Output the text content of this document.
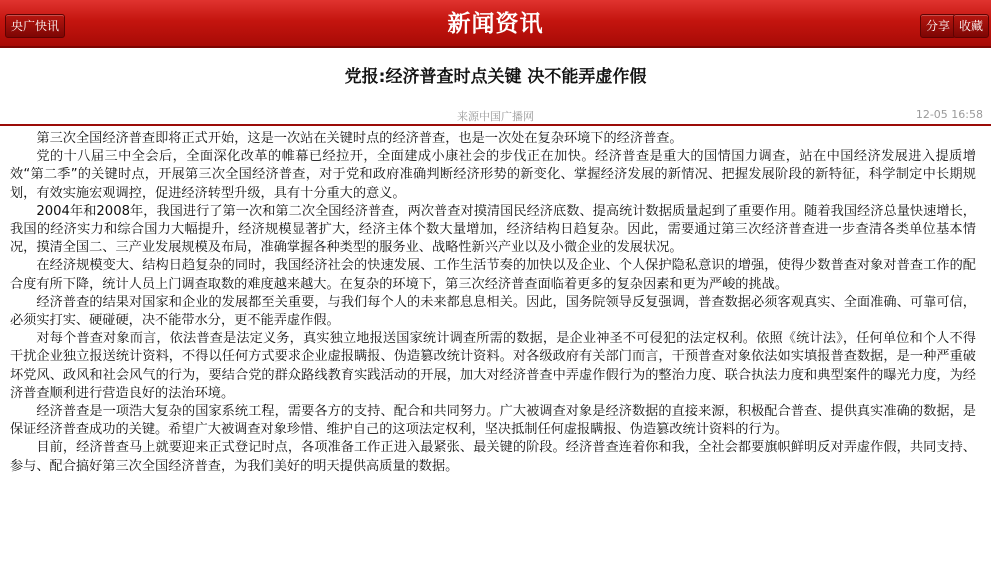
新闻资讯
央广快讯	分享 收藏
党报:经济普查时点关键 决不能弄虚作假
来源中国广播网	12-05 16:58

第三次全国经济普查即将正式开始，这是一次站在关键时点的经济普查，也是一次处在复杂环境下的经济普查。

党的十八届三中全会后，全面深化改革的帷幕已经拉开，全面建成小康社会的步伐正在加快。经济普查是重大的国情国力调查，站在中国经济发展进入提质增效“第二季”的关键时点，开展第三次全国经济普查，对于党和政府准确判断经济形势的新变化、掌握经济发展的新情况、把握发展阶段的新特征，科学制定中长期规划，有效实施宏观调控，促进经济转型升级，具有十分重大的意义。

2004年和2008年，我国进行了第一次和第二次全国经济普查，两次普查对摸清国民经济底数、提高统计数据质量起到了重要作用。随着我国经济总量快速增长，我国的经济实力和综合国力大幅提升，经济规模显著扩大，经济主体个数大量增加，经济结构日趋复杂。因此，需要通过第三次经济普查进一步查清各类单位基本情况，摸清全国二、三产业发展规模及布局，准确掌握各种类型的服务业、战略性新兴产业以及小微企业的发展状况。

在经济规模变大、结构日趋复杂的同时，我国经济社会的快速发展、工作生活节奏的加快以及企业、个人保护隐私意识的增强，使得少数普查对象对普查工作的配合度有所下降，统计人员上门调查取数的难度越来越大。在复杂的环境下，第三次经济普查面临着更多的复杂因素和更为严峻的挑战。

经济普查的结果对国家和企业的发展都至关重要，与我们每个人的未来都息息相关。因此，国务院领导反复强调，普查数据必须客观真实、全面准确、可靠可信，必须实打实、硬碰硬，决不能带水分，更不能弄虚作假。

对每个普查对象而言，依法普查是法定义务，真实独立地报送国家统计调查所需的数据，是企业神圣不可侵犯的法定权利。依照《统计法》，任何单位和个人不得干扰企业独立报送统计资料，不得以任何方式要求企业虚报瞒报、伪造篡改统计资料。对各级政府有关部门而言，干预普查对象依法如实填报普查数据，是一种严重破坏党风、政风和社会风气的行为，要结合党的群众路线教育实践活动的开展，加大对经济普查中弄虚作假行为的整治力度、联合执法力度和典型案件的曝光力度，为经济普查顺利进行营造良好的法治环境。

经济普查是一项浩大复杂的国家系统工程，需要各方的支持、配合和共同努力。广大被调查对象是经济数据的直接来源，积极配合普查、提供真实准确的数据，是保证经济普查成功的关键。希望广大被调查对象珍惜、维护自己的这项法定权利，坚决抵制任何虚报瞒报、伪造篡改统计资料的行为。

目前，经济普查马上就要迎来正式登记时点，各项准备工作正进入最紧张、最关键的阶段。经济普查连着你和我，全社会都要旗帜鲜明反对弄虚作假，共同支持、参与、配合搞好第三次全国经济普查，为我们美好的明天提供高质量的数据。
